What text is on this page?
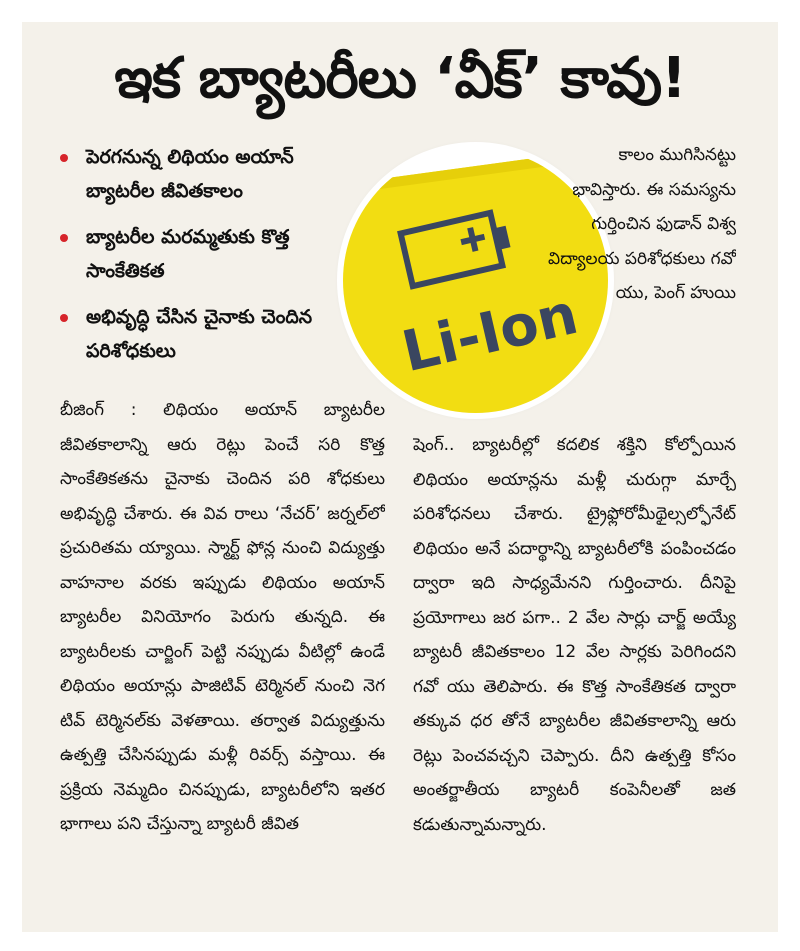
ఇక బ్యాటరీలు ‘వీక్’ కావు!
పెరగనున్న లిథియం అయాన్ బ్యాటరీల జీవితకాలం
బ్యాటరీల మరమ్మతుకు కొత్త సాంకేతికత
అభివృద్ధి చేసిన చైనాకు చెందిన పరిశోధకులు	Li-Ion

కాలం ముగిసినట్టు భావిస్తారు. ఈ సమస్యను గుర్తించిన ఫుడాన్ విశ్వ విద్యాలయ పరిశోధకులు గవో యు, పెంగ్ హుయి

బీజింగ్ : లిథియం అయాన్ బ్యాటరీల జీవితకాలాన్ని ఆరు రెట్లు పెంచే సరి కొత్త సాంకేతికతను చైనాకు చెందిన పరి శోధకులు అభివృద్ధి చేశారు. ఈ వివ రాలు ‘నేచర్’ జర్నల్‌లో ప్రచురితమ య్యాయి. స్మార్ట్ ఫోన్ల నుంచి విద్యుత్తు వాహనాల వరకు ఇప్పుడు లిథియం అయాన్ బ్యాటరీల వినియోగం పెరుగు తున్నది. ఈ బ్యాటరీలకు చార్జింగ్ పెట్టి నప్పుడు వీటిల్లో ఉండే లిథియం అయాన్లు పాజిటివ్ టెర్మినల్ నుంచి నెగ టివ్ టెర్మినల్‌కు వెళతాయి. తర్వాత విద్యుత్తును ఉత్పత్తి చేసినప్పుడు మళ్లీ రివర్స్ వస్తాయి. ఈ ప్రక్రియ నెమ్మదిం చినప్పుడు, బ్యాటరీలోని ఇతర భాగాలు పని చేస్తున్నా బ్యాటరీ జీవిత

షెంగ్.. బ్యాటరీల్లో కదలిక శక్తిని కోల్పోయిన లిథియం అయాన్లను మళ్లీ చురుగ్గా మార్చే పరిశోధనలు చేశారు. ట్రైఫ్లోరోమీథైల్సల్ఫోనేట్ లిథియం అనే పదార్థాన్ని బ్యాటరీలోకి పంపించడం ద్వారా ఇది సాధ్యమేనని గుర్తించారు. దీనిపై ప్రయోగాలు జర పగా.. 2 వేల సార్లు చార్జ్ అయ్యే బ్యాటరీ జీవితకాలం 12 వేల సార్లకు పెరిగిందని గవో యు తెలిపారు. ఈ కొత్త సాంకేతికత ద్వారా తక్కువ ధర తోనే బ్యాటరీల జీవితకాలాన్ని ఆరు రెట్లు పెంచవచ్చని చెప్పారు. దీని ఉత్పత్తి కోసం అంతర్జాతీయ బ్యాటరీ కంపెనీలతో జత కడుతున్నామన్నారు.
